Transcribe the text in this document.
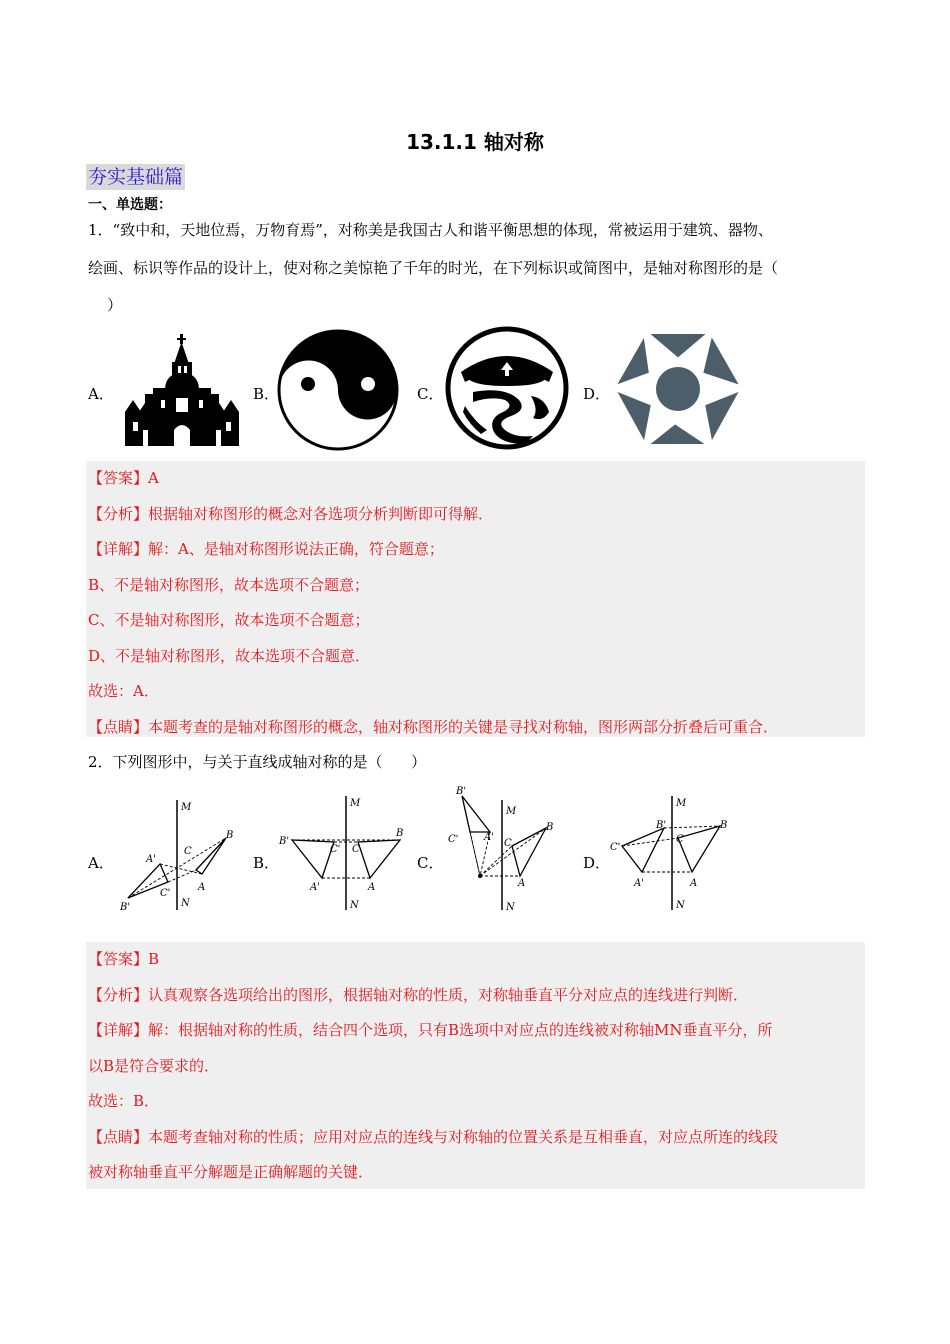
13.1.1 轴对称
夯实基础篇
一、单选题：
1．“致中和，天地位焉，万物育焉”，对称美是我国古人和谐平衡思想的体现，常被运用于建筑、器物、
绘画、标识等作品的设计上，使对称之美惊艳了千年的时光，在下列标识或简图中，是轴对称图形的是（
）
A．	B．	C．	D．

【答案】A

【分析】根据轴对称图形的概念对各选项分析判断即可得解．

【详解】解：A、是轴对称图形说法正确，符合题意；

B、不是轴对称图形，故本选项不合题意；

C、不是轴对称图形，故本选项不合题意；

D、不是轴对称图形，故本选项不合题意．

故选：A．

【点睛】本题考查的是轴对称图形的概念，轴对称图形的关键是寻找对称轴，图形两部分折叠后可重合．

2．下列图形中，与关于直线成轴对称的是（      ）
A．	B．	C．	D．
M
N
B'
A'
C'
C
B
A
M
N
B'
C' C
B
A'	A
M
N
B'
C'	A'
C
B
A
M
N
C'
B'
C
B
A'	A

【答案】B

【分析】认真观察各选项给出的图形，根据轴对称的性质，对称轴垂直平分对应点的连线进行判断．

【详解】解：根据轴对称的性质，结合四个选项，只有B选项中对应点的连线被对称轴MN垂直平分，所

以B是符合要求的．

故选：B．

【点睛】本题考查轴对称的性质；应用对应点的连线与对称轴的位置关系是互相垂直，对应点所连的线段

被对称轴垂直平分解题是正确解题的关键．
